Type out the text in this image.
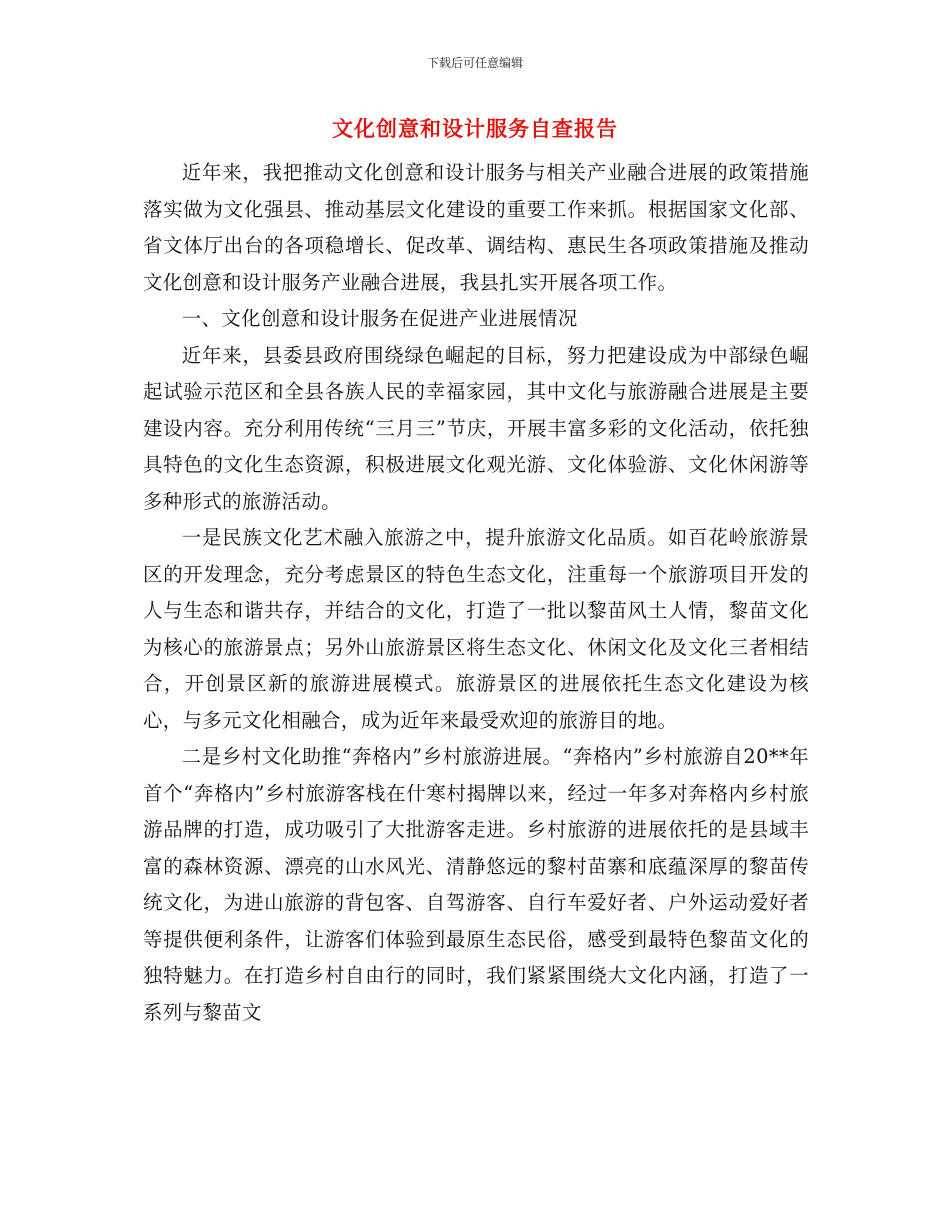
下载后可任意编辑
文化创意和设计服务自查报告

近年来，我把推动文化创意和设计服务与相关产业融合进展的政策措施落实做为文化强县、推动基层文化建设的重要工作来抓。根据国家文化部、省文体厅出台的各项稳增长、促改革、调结构、惠民生各项政策措施及推动文化创意和设计服务产业融合进展，我县扎实开展各项工作。

一、文化创意和设计服务在促进产业进展情况

近年来，县委县政府围绕绿色崛起的目标，努力把建设成为中部绿色崛起试验示范区和全县各族人民的幸福家园，其中文化与旅游融合进展是主要建设内容。充分利用传统“三月三”节庆，开展丰富多彩的文化活动，依托独具特色的文化生态资源，积极进展文化观光游、文化体验游、文化休闲游等多种形式的旅游活动。

一是民族文化艺术融入旅游之中，提升旅游文化品质。如百花岭旅游景区的开发理念，充分考虑景区的特色生态文化，注重每一个旅游项目开发的人与生态和谐共存，并结合的文化，打造了一批以黎苗风土人情，黎苗文化为核心的旅游景点；另外山旅游景区将生态文化、休闲文化及文化三者相结合，开创景区新的旅游进展模式。旅游景区的进展依托生态文化建设为核心，与多元文化相融合，成为近年来最受欢迎的旅游目的地。

二是乡村文化助推“奔格内”乡村旅游进展。“奔格内”乡村旅游自20**年首个“奔格内”乡村旅游客栈在什寒村揭牌以来，经过一年多对奔格内乡村旅游品牌的打造，成功吸引了大批游客走进。乡村旅游的进展依托的是县域丰富的森林资源、漂亮的山水风光、清静悠远的黎村苗寨和底蕴深厚的黎苗传统文化，为进山旅游的背包客、自驾游客、自行车爱好者、户外运动爱好者等提供便利条件，让游客们体验到最原生态民俗，感受到最特色黎苗文化的独特魅力。在打造乡村自由行的同时，我们紧紧围绕大文化内涵，打造了一系列与黎苗文
